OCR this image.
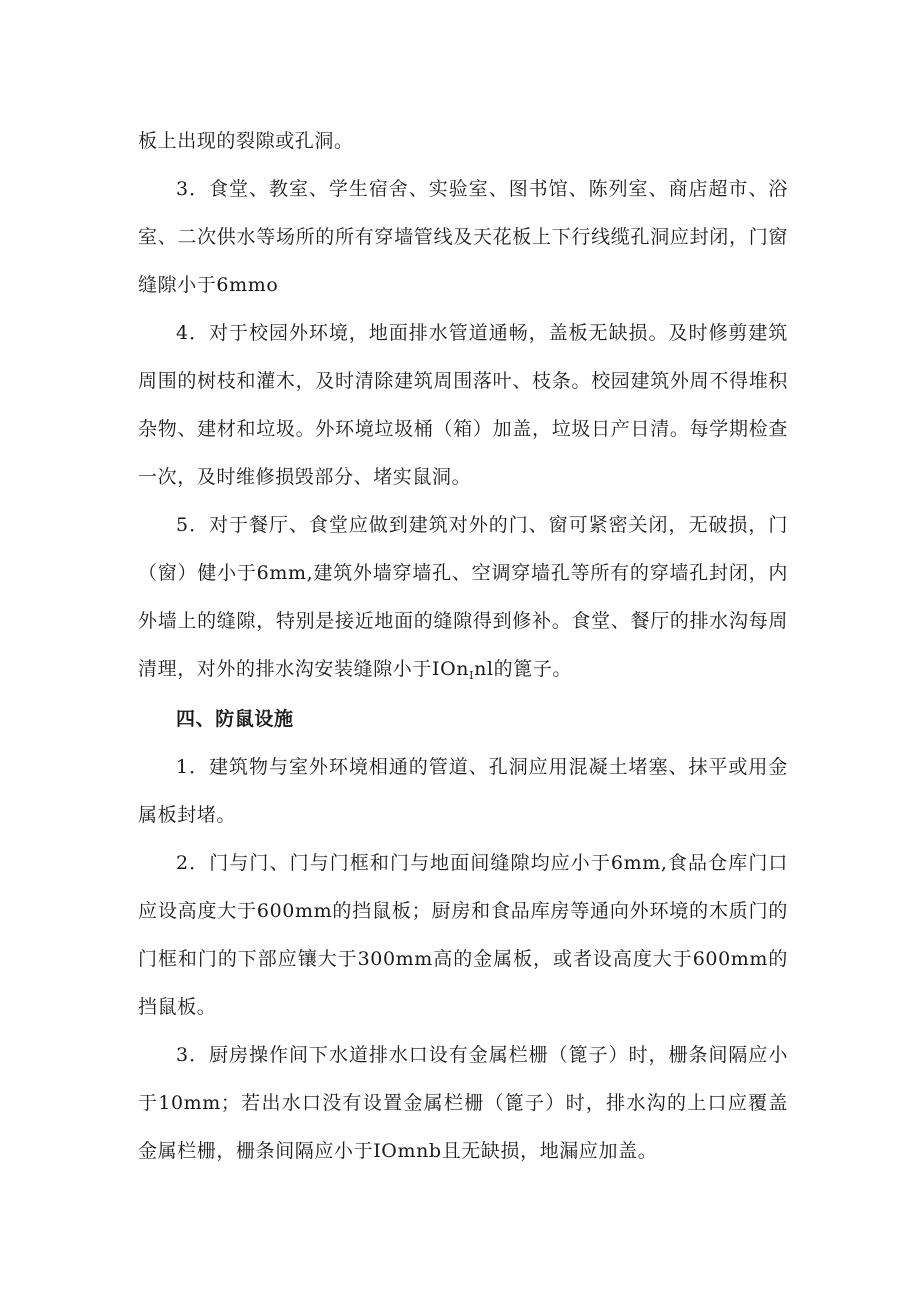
板上出现的裂隙或孔洞。

3．食堂、教室、学生宿舍、实验室、图书馆、陈列室、商店超市、浴室、二次供水等场所的所有穿墙管线及天花板上下行线缆孔洞应封闭，门窗缝隙小于6mmo

4．对于校园外环境，地面排水管道通畅，盖板无缺损。及时修剪建筑周围的树枝和灌木，及时清除建筑周围落叶、枝条。校园建筑外周不得堆积杂物、建材和垃圾。外环境垃圾桶（箱）加盖，垃圾日产日清。每学期检查一次，及时维修损毁部分、堵实鼠洞。

5．对于餐厅、食堂应做到建筑对外的门、窗可紧密关闭，无破损，门（窗）健小于6mm,建筑外墙穿墙孔、空调穿墙孔等所有的穿墙孔封闭，内外墙上的缝隙，特别是接近地面的缝隙得到修补。食堂、餐厅的排水沟每周清理，对外的排水沟安装缝隙小于IOn$_I$nl的篦子。

四、防鼠设施

1．建筑物与室外环境相通的管道、孔洞应用混凝土堵塞、抹平或用金属板封堵。

2．门与门、门与门框和门与地面间缝隙均应小于6mm,食品仓库门口应设高度大于600mm的挡鼠板；厨房和食品库房等通向外环境的木质门的门框和门的下部应镶大于300mm高的金属板，或者设高度大于600mm的挡鼠板。

3．厨房操作间下水道排水口设有金属栏栅（篦子）时，栅条间隔应小于10mm；若出水口没有设置金属栏栅（篦子）时，排水沟的上口应覆盖金属栏栅，栅条间隔应小于IOmnb且无缺损，地漏应加盖。
